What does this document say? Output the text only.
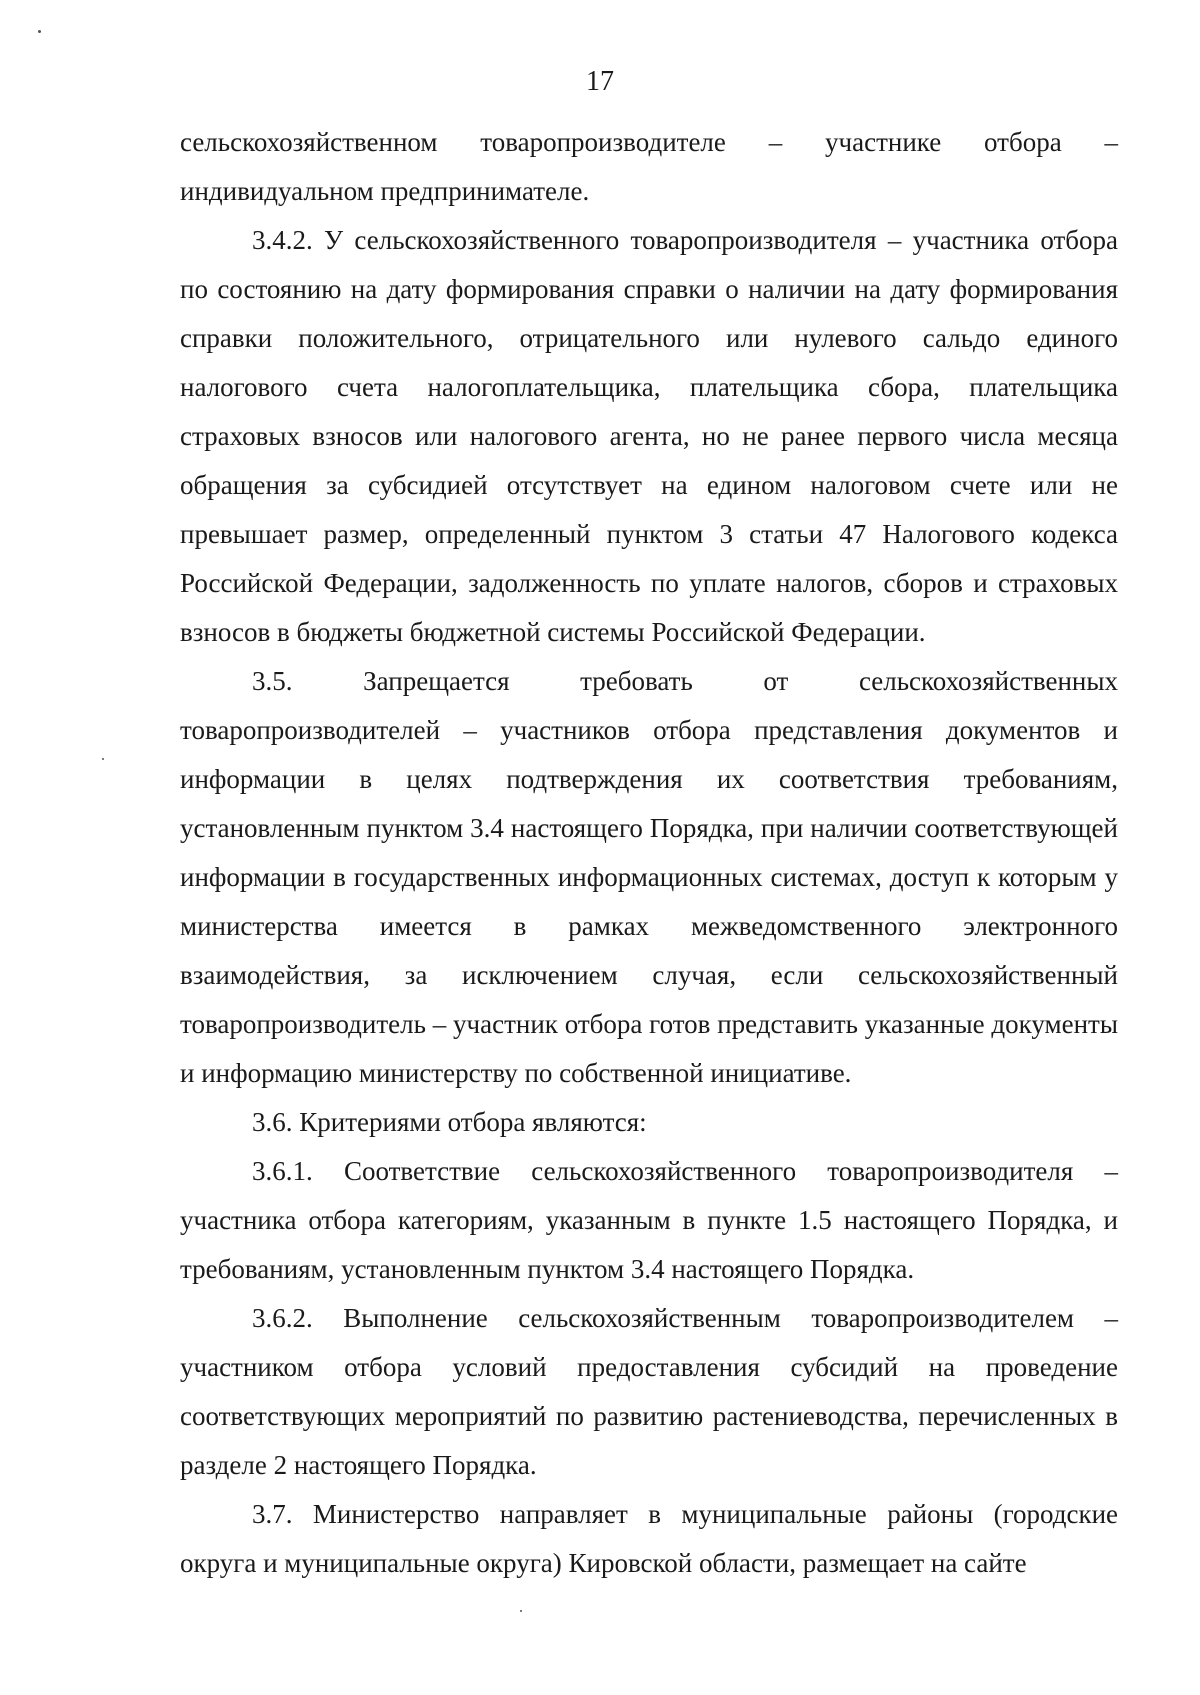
17

сельскохозяйственном товаропроизводителе – участнике отбора – индивидуальном предпринимателе.

3.4.2. У сельскохозяйственного товаропроизводителя – участника отбора по состоянию на дату формирования справки о наличии на дату формирования справки положительного, отрицательного или нулевого сальдо единого налогового счета налогоплательщика, плательщика сбора, плательщика страховых взносов или налогового агента, но не ранее первого числа месяца обращения за субсидией отсутствует на едином налоговом счете или не превышает размер, определенный пунктом 3 статьи 47 Налогового кодекса Российской Федерации, задолженность по уплате налогов, сборов и страховых взносов в бюджеты бюджетной системы Российской Федерации.

3.5. Запрещается требовать от сельскохозяйственных товаропроизводителей – участников отбора представления документов и информации в целях подтверждения их соответствия требованиям, установленным пунктом 3.4 настоящего Порядка, при наличии соответствующей информации в государственных информационных системах, доступ к которым у министерства имеется в рамках межведомственного электронного взаимодействия, за исключением случая, если сельскохозяйственный товаропроизводитель – участник отбора готов представить указанные документы и информацию министерству по собственной инициативе.

3.6. Критериями отбора являются:

3.6.1. Соответствие сельскохозяйственного товаропроизводителя – участника отбора категориям, указанным в пункте 1.5 настоящего Порядка, и требованиям, установленным пунктом 3.4 настоящего Порядка.

3.6.2. Выполнение сельскохозяйственным товаропроизводителем – участником отбора условий предоставления субсидий на проведение соответствующих мероприятий по развитию растениеводства, перечисленных в разделе 2 настоящего Порядка.

3.7. Министерство направляет в муниципальные районы (городские округа и муниципальные округа) Кировской области, размещает на сайте
